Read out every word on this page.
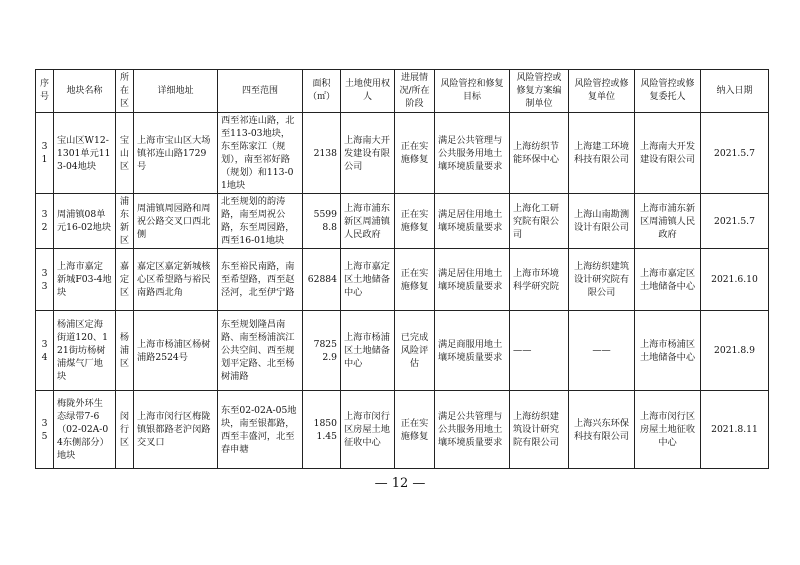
序号	地块名称	所在区	详细地址	四至范围	面积（㎡）	土地使用权人	进展情况/所在阶段	风险管控和修复目标	风险管控或修复方案编制单位	风险管控或修复单位	风险管控或修复委托人	纳入日期
31	宝山区W12-1301单元113-04地块	宝山区	上海市宝山区大场镇祁连山路1729号	西至祁连山路，北至113-03地块，东至陈家江（规划），南至祁好路（规划）和113-01地块	2138	上海南大开发建设有限公司	正在实施修复	满足公共管理与公共服务用地土壤环境质量要求	上海纺织节能环保中心	上海建工环境科技有限公司	上海南大开发建设有限公司	2021.5.7
32	周浦镇08单元16-02地块	浦东新区	周浦镇周园路和周祝公路交叉口西北侧	北至规划的韵涛路，南至周祝公路，东至周园路，西至16-01地块	55998.8	上海市浦东新区周浦镇人民政府	正在实施修复	满足居住用地土壤环境质量要求	上海化工研究院有限公司	上海山南勘测设计有限公司	上海市浦东新区周浦镇人民政府	2021.5.7
33	上海市嘉定新城F03-4地块	嘉定区	嘉定区嘉定新城核心区希望路与裕民南路西北角	东至裕民南路，南至希望路，西至赵泾河，北至伊宁路	62884	上海市嘉定区土地储备中心	正在实施修复	满足居住用地土壤环境质量要求	上海市环境科学研究院	上海纺织建筑设计研究院有限公司	上海市嘉定区土地储备中心	2021.6.10
34	杨浦区定海街道120、121街坊杨树浦煤气厂地块	杨浦区	上海市杨浦区杨树浦路2524号	东至规划隆昌南路、南至杨浦滨江公共空间、西至规划平定路、北至杨树浦路	78252.9	上海市杨浦区土地储备中心	已完成风险评估	满足商服用地土壤环境质量要求	——	——	上海市杨浦区土地储备中心	2021.8.9
35	梅陇外环生态绿带7-6（02-02A-04东侧部分）地块	闵行区	上海市闵行区梅陇镇银都路老沪闵路交叉口	东至02-02A-05地块，南至银都路，西至丰盛河，北至春申塘	18501.45	上海市闵行区房屋土地征收中心	正在实施修复	满足公共管理与公共服务用地土壤环境质量要求	上海纺织建筑设计研究院有限公司	上海兴东环保科技有限公司	上海市闵行区房屋土地征收中心	2021.8.11
— 12 —
